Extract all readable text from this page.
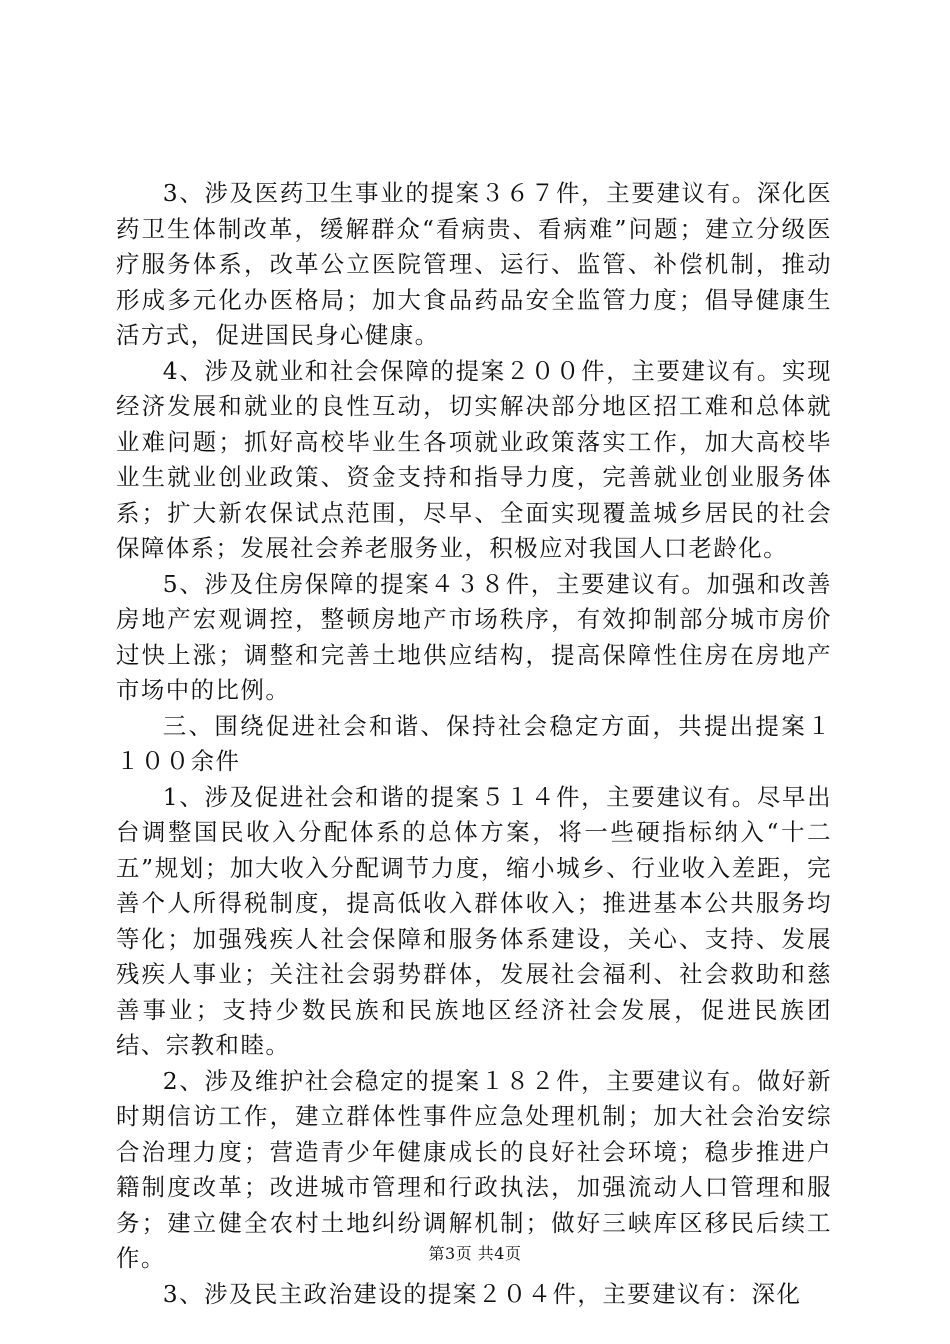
3、涉及医药卫生事业的提案３６７件，主要建议有。深化医药卫生体制改革，缓解群众“看病贵、看病难”问题；建立分级医疗服务体系，改革公立医院管理、运行、监管、补偿机制，推动形成多元化办医格局；加大食品药品安全监管力度；倡导健康生活方式，促进国民身心健康。

4、涉及就业和社会保障的提案２００件，主要建议有。实现经济发展和就业的良性互动，切实解决部分地区招工难和总体就业难问题；抓好高校毕业生各项就业政策落实工作，加大高校毕业生就业创业政策、资金支持和指导力度，完善就业创业服务体系；扩大新农保试点范围，尽早、全面实现覆盖城乡居民的社会保障体系；发展社会养老服务业，积极应对我国人口老龄化。

5、涉及住房保障的提案４３８件，主要建议有。加强和改善房地产宏观调控，整顿房地产市场秩序，有效抑制部分城市房价过快上涨；调整和完善土地供应结构，提高保障性住房在房地产市场中的比例。

三、围绕促进社会和谐、保持社会稳定方面，共提出提案１１００余件

1、涉及促进社会和谐的提案５１４件，主要建议有。尽早出台调整国民收入分配体系的总体方案，将一些硬指标纳入“十二五”规划；加大收入分配调节力度，缩小城乡、行业收入差距，完善个人所得税制度，提高低收入群体收入；推进基本公共服务均等化；加强残疾人社会保障和服务体系建设，关心、支持、发展残疾人事业；关注社会弱势群体，发展社会福利、社会救助和慈善事业；支持少数民族和民族地区经济社会发展，促进民族团结、宗教和睦。

2、涉及维护社会稳定的提案１８２件，主要建议有。做好新时期信访工作，建立群体性事件应急处理机制；加大社会治安综合治理力度；营造青少年健康成长的良好社会环境；稳步推进户籍制度改革；改进城市管理和行政执法，加强流动人口管理和服务；建立健全农村土地纠纷调解机制；做好三峡库区移民后续工作。

3、涉及民主政治建设的提案２０４件，主要建议有：深化

第3页 共4页
